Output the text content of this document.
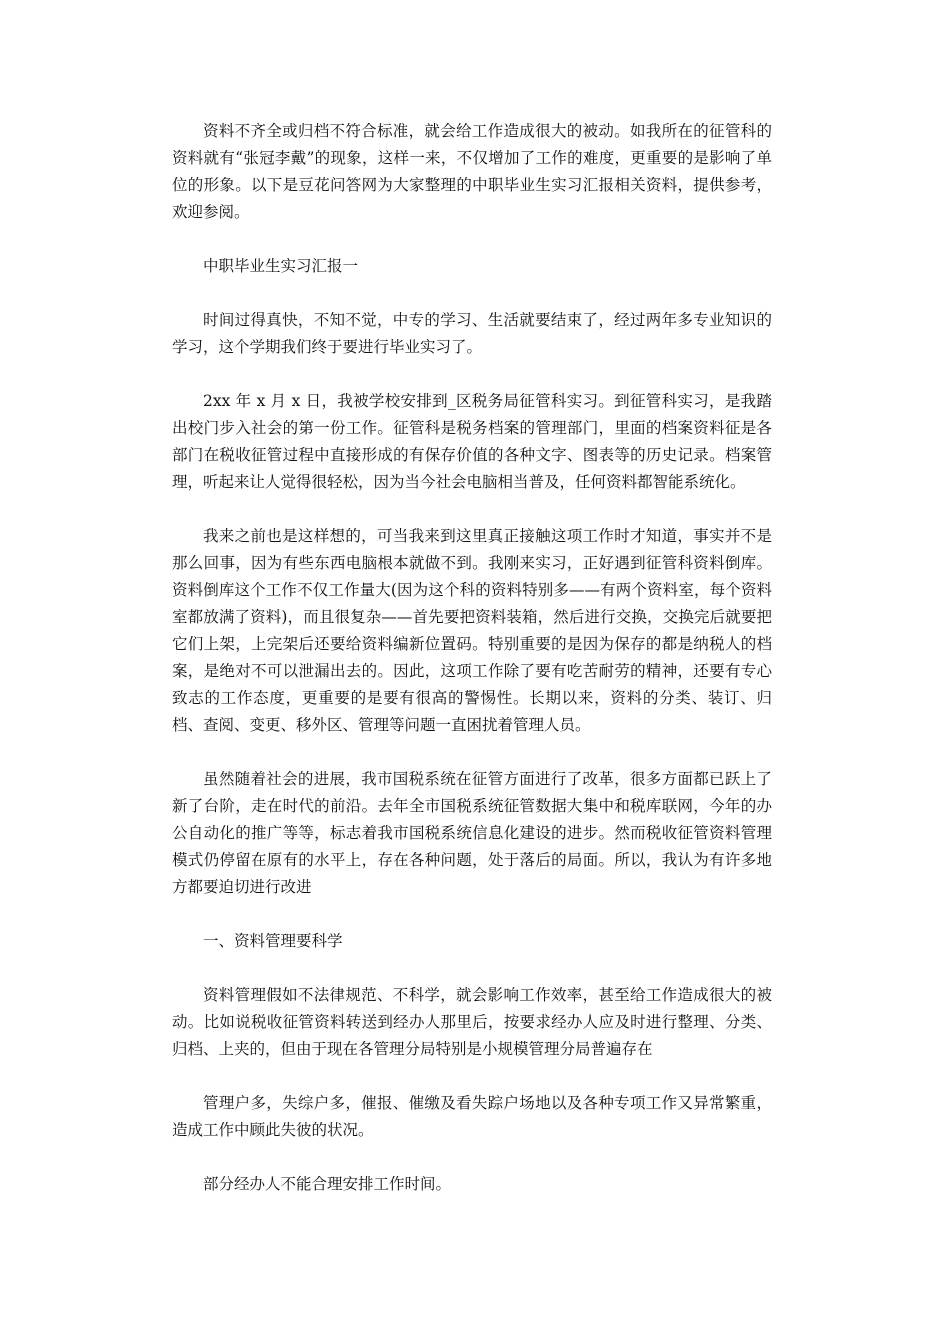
资料不齐全或归档不符合标准，就会给工作造成很大的被动。如我所在的征管科的资料就有“张冠李戴”的现象，这样一来，不仅增加了工作的难度，更重要的是影响了单位的形象。以下是豆花问答网为大家整理的中职毕业生实习汇报相关资料，提供参考，欢迎参阅。

中职毕业生实习汇报一

时间过得真快，不知不觉，中专的学习、生活就要结束了，经过两年多专业知识的学习，这个学期我们终于要进行毕业实习了。

2xx 年 x 月 x 日，我被学校安排到_区税务局征管科实习。到征管科实习，是我踏出校门步入社会的第一份工作。征管科是税务档案的管理部门，里面的档案资料征是各部门在税收征管过程中直接形成的有保存价值的各种文字、图表等的历史记录。档案管理，听起来让人觉得很轻松，因为当今社会电脑相当普及，任何资料都智能系统化。

我来之前也是这样想的，可当我来到这里真正接触这项工作时才知道，事实并不是那么回事，因为有些东西电脑根本就做不到。我刚来实习，正好遇到征管科资料倒库。资料倒库这个工作不仅工作量大(因为这个科的资料特别多——有两个资料室，每个资料室都放满了资料)，而且很复杂——首先要把资料装箱，然后进行交换，交换完后就要把它们上架，上完架后还要给资料编新位置码。特别重要的是因为保存的都是纳税人的档案，是绝对不可以泄漏出去的。因此，这项工作除了要有吃苦耐劳的精神，还要有专心致志的工作态度，更重要的是要有很高的警惕性。长期以来，资料的分类、装订、归档、查阅、变更、移外区、管理等问题一直困扰着管理人员。

虽然随着社会的进展，我市国税系统在征管方面进行了改革，很多方面都已跃上了新了台阶，走在时代的前沿。去年全市国税系统征管数据大集中和税库联网，今年的办公自动化的推广等等，标志着我市国税系统信息化建设的进步。然而税收征管资料管理模式仍停留在原有的水平上，存在各种问题，处于落后的局面。所以，我认为有许多地方都要迫切进行改进

一、资料管理要科学

资料管理假如不法律规范、不科学，就会影响工作效率，甚至给工作造成很大的被动。比如说税收征管资料转送到经办人那里后，按要求经办人应及时进行整理、分类、归档、上夹的，但由于现在各管理分局特别是小规模管理分局普遍存在

管理户多，失综户多，催报、催缴及看失踪户场地以及各种专项工作又异常繁重，造成工作中顾此失彼的状况。

部分经办人不能合理安排工作时间。
